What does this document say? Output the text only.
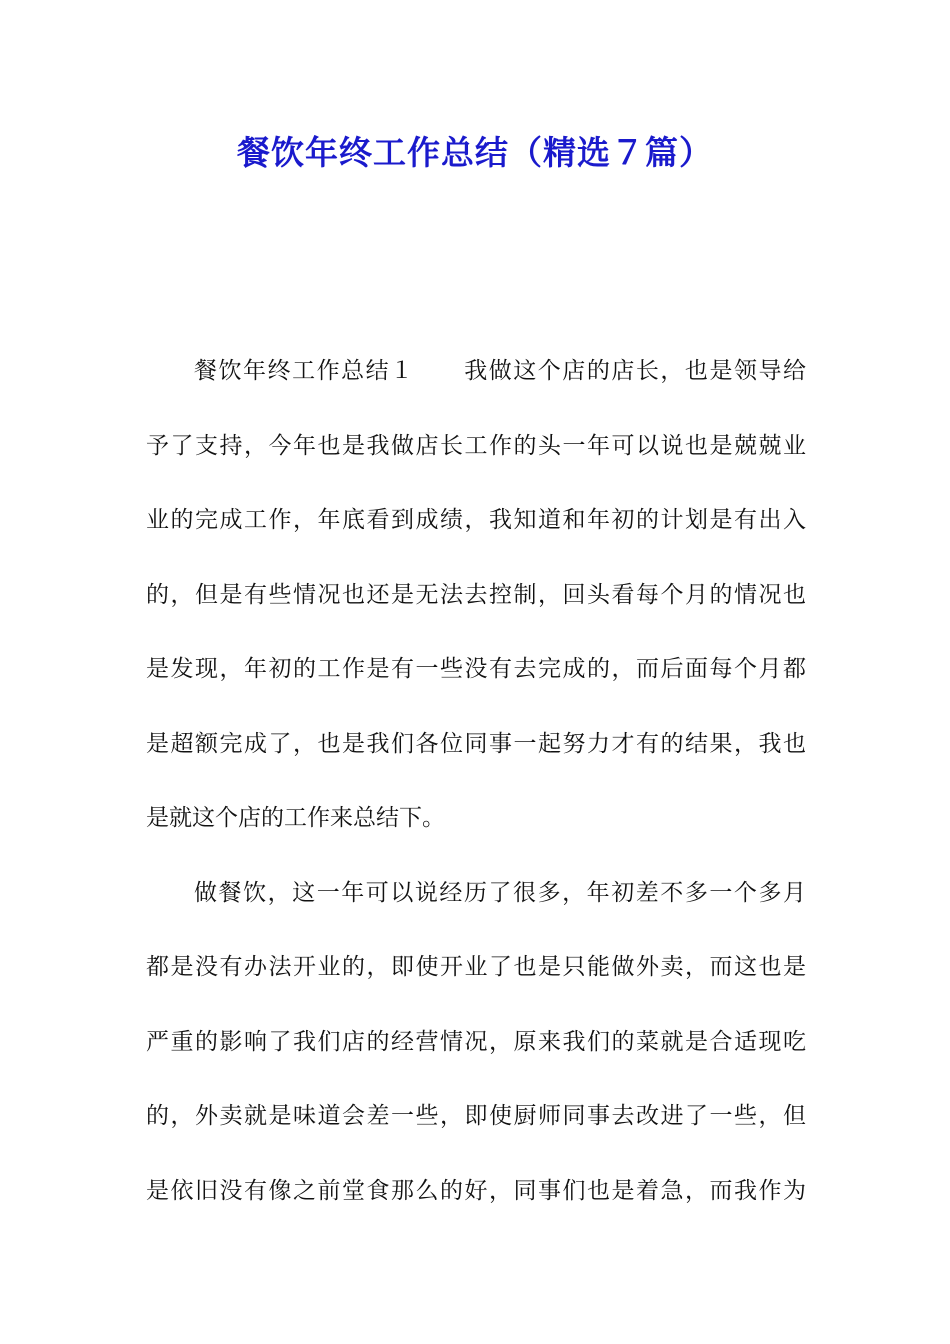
餐饮年终工作总结（精选７篇）
餐饮年终工作总结１ 我做这个店的店长，也是领导给
予了支持，今年也是我做店长工作的头一年可以说也是兢兢业
业的完成工作，年底看到成绩，我知道和年初的计划是有出入
的，但是有些情况也还是无法去控制，回头看每个月的情况也
是发现，年初的工作是有一些没有去完成的，而后面每个月都
是超额完成了，也是我们各位同事一起努力才有的结果，我也
是就这个店的工作来总结下。
做餐饮，这一年可以说经历了很多，年初差不多一个多月
都是没有办法开业的，即使开业了也是只能做外卖，而这也是
严重的影响了我们店的经营情况，原来我们的菜就是合适现吃
的，外卖就是味道会差一些，即使厨师同事去改进了一些，但
是依旧没有像之前堂食那么的好，同事们也是着急，而我作为
